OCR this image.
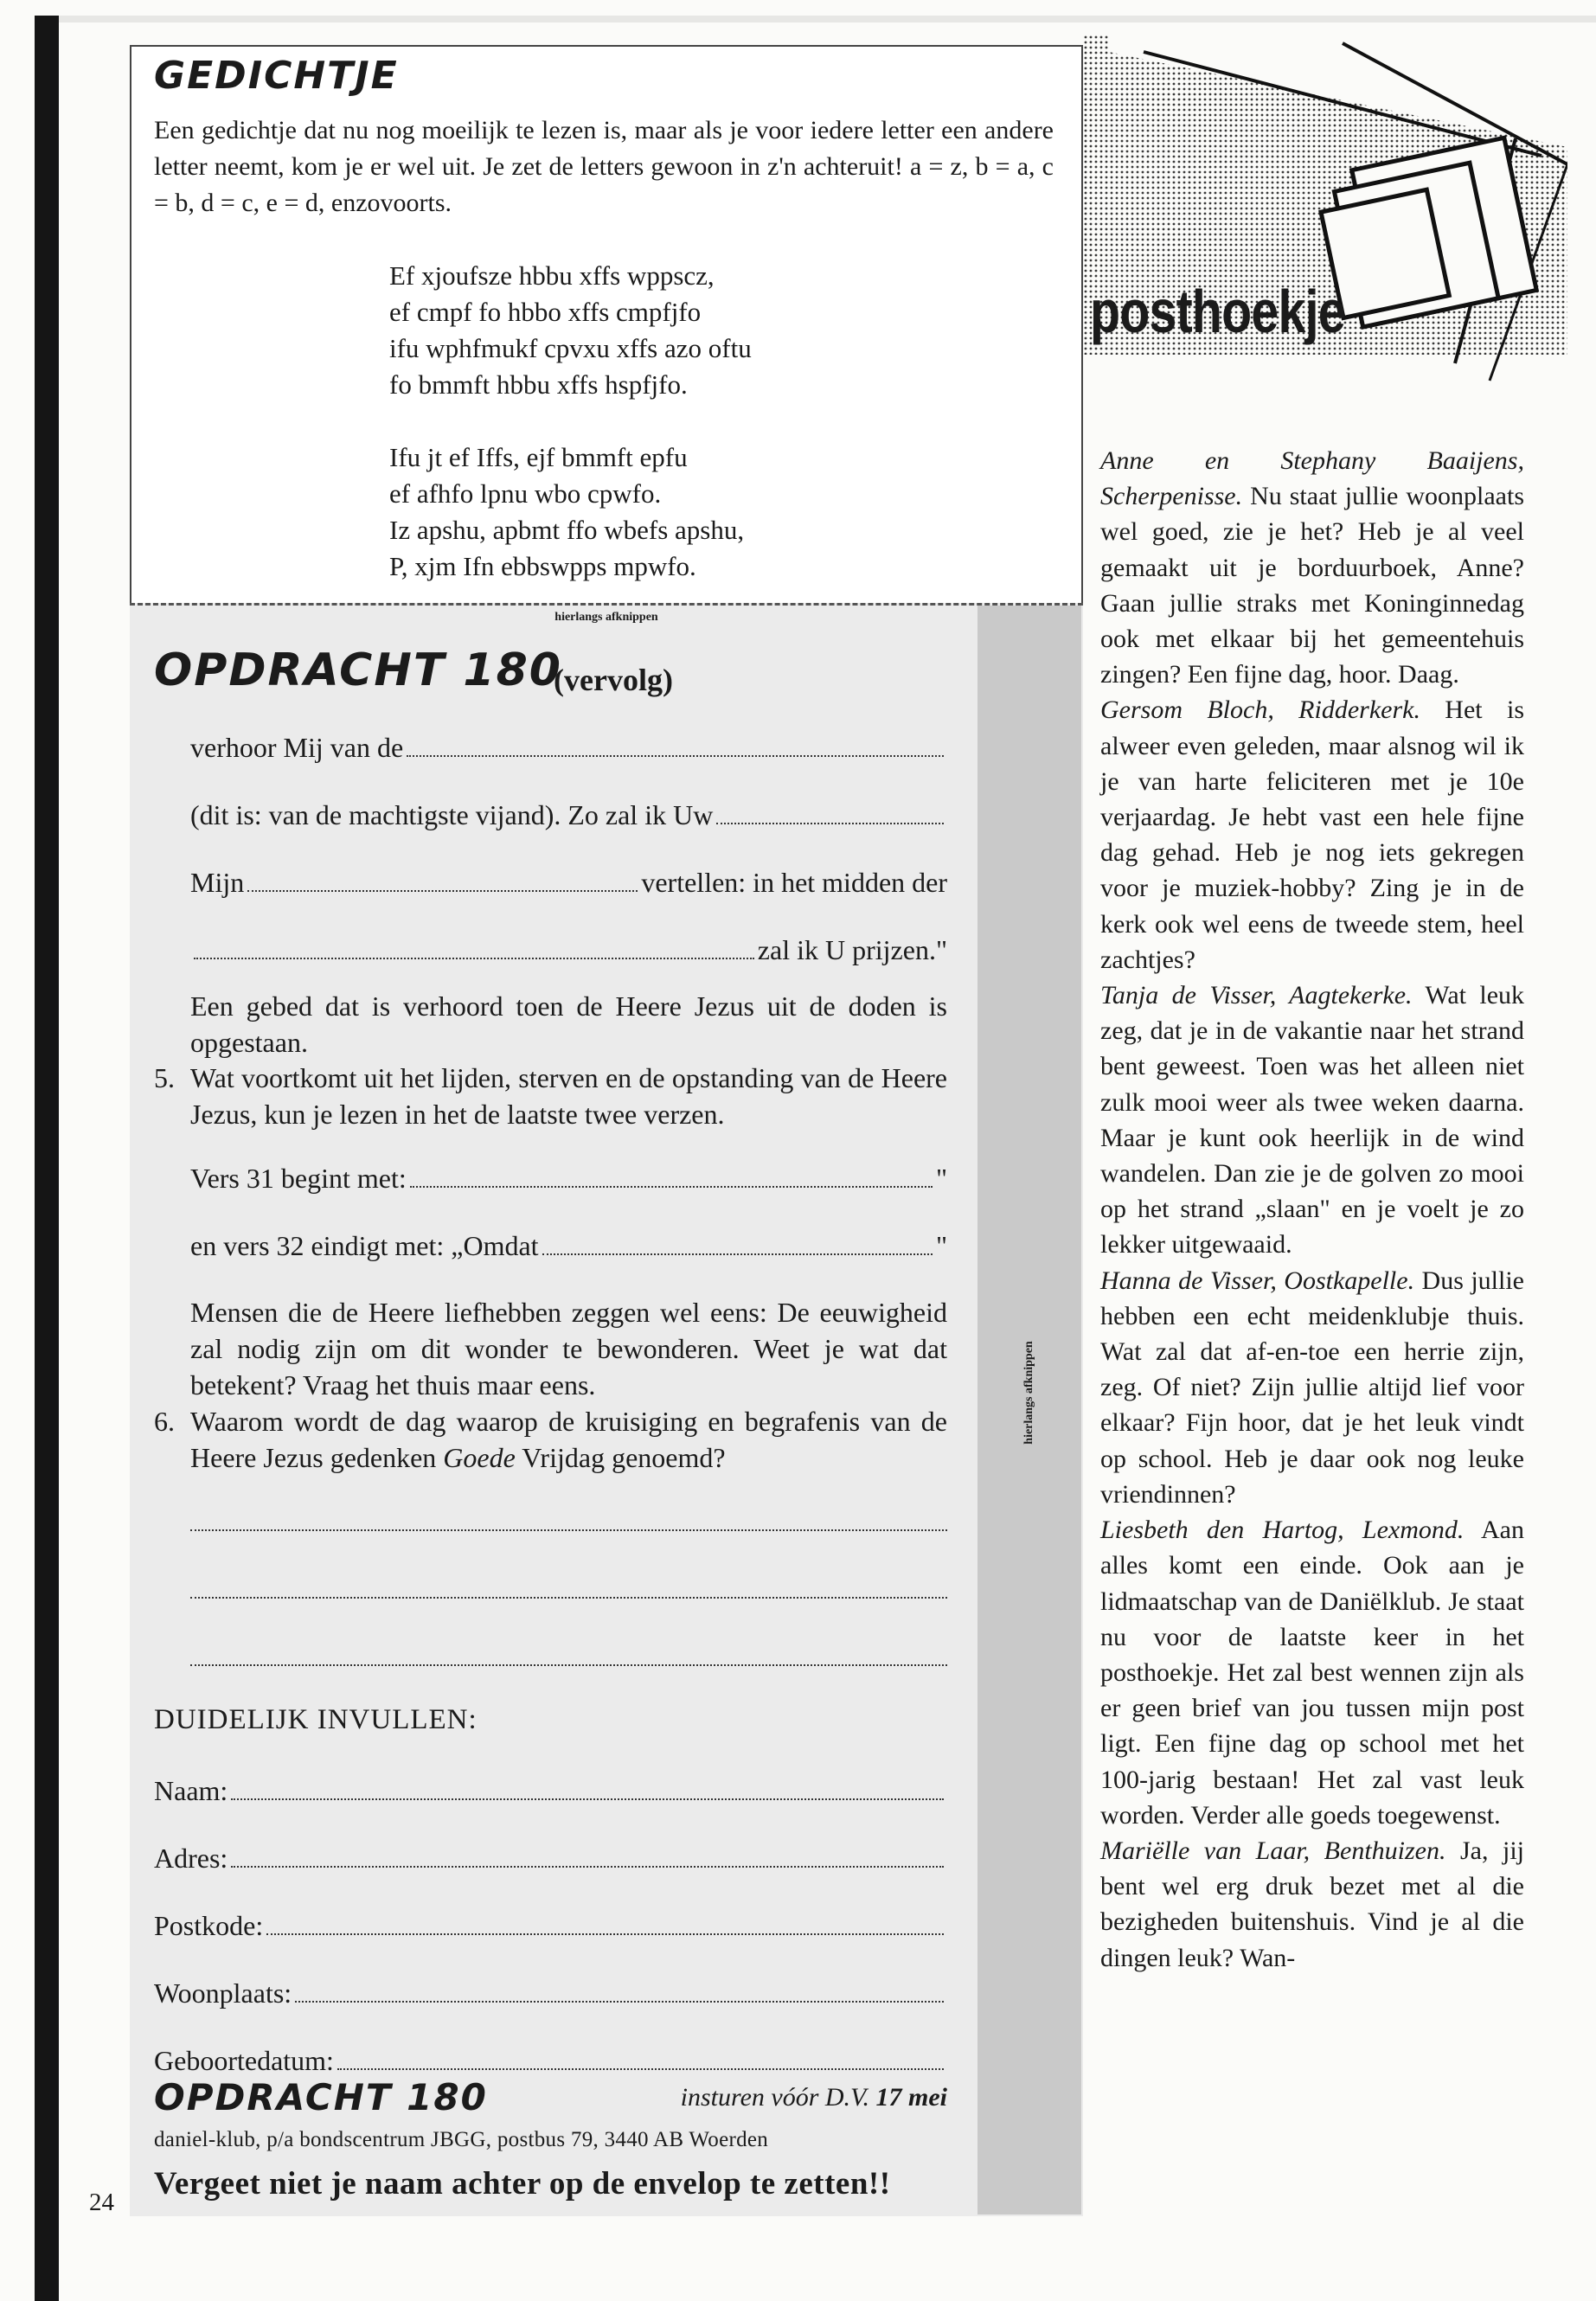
24
GEDICHTJE
Een gedichtje dat nu nog moeilijk te lezen is, maar als je voor iedere letter een andere letter neemt, kom je er wel uit. Je zet de letters gewoon in z'n achteruit! a = z, b = a, c = b, d = c, e = d, enzovoorts.
Ef xjoufsze hbbu xffs wppscz,
ef cmpf fo hbbo xffs cmpfjfo
ifu wphfmukf cpvxu xffs azo oftu
fo bmmft hbbu xffs hspfjfo.
Ifu jt ef Iffs, ejf bmmft epfu
ef afhfo lpnu wbo cpwfo.
Iz apshu, apbmt ffo wbefs apshu,
P, xjm Ifn ebbswpps mpwfo.
hierlangs afknippen
hierlangs afknippen
OPDRACHT 180
(vervolg)
verhoor Mij van de
(dit is: van de machtigste vijand). Zo zal ik Uw
Mijn	vertellen: in het midden der
zal ik U prijzen."
Een gebed dat is verhoord toen de Heere Jezus uit de doden is opgestaan.
5. Wat voortkomt uit het lijden, sterven en de opstanding van de Heere Jezus, kun je lezen in het de laatste twee verzen.
Vers 31 begint met:	"
en vers 32 eindigt met: „Omdat	"
Mensen die de Heere liefhebben zeggen wel eens: De eeuwigheid zal nodig zijn om dit wonder te bewonderen. Weet je wat dat betekent? Vraag het thuis maar eens.
6. Waarom wordt de dag waarop de kruisiging en begrafenis van de Heere Jezus gedenken Goede Vrijdag genoemd?
DUIDELIJK INVULLEN:
Naam:
Adres:
Postkode:
Woonplaats:
Geboortedatum:
OPDRACHT 180	insturen vóór D.V. 17 mei
daniel-klub, p/a bondscentrum JBGG, postbus 79, 3440 AB Woerden
Vergeet niet je naam achter op de envelop te zetten!!
posthoekje

Anne en Stephany Baaijens, Scherpenisse. Nu staat jullie woonplaats wel goed, zie je het? Heb je al veel gemaakt uit je borduurboek, Anne? Gaan jullie straks met Koninginnedag ook met elkaar bij het gemeentehuis zingen? Een fijne dag, hoor. Daag.

Gersom Bloch, Ridderkerk. Het is alweer even geleden, maar alsnog wil ik je van harte feliciteren met je 10e verjaardag. Je hebt vast een hele fijne dag gehad. Heb je nog iets gekregen voor je muziek-hobby? Zing je in de kerk ook wel eens de tweede stem, heel zachtjes?

Tanja de Visser, Aagtekerke. Wat leuk zeg, dat je in de vakantie naar het strand bent geweest. Toen was het alleen niet zulk mooi weer als twee weken daarna. Maar je kunt ook heerlijk in de wind wandelen. Dan zie je de golven zo mooi op het strand „slaan" en je voelt je zo lekker uitgewaaid.

Hanna de Visser, Oostkapelle. Dus jullie hebben een echt meidenklubje thuis. Wat zal dat af-en-toe een herrie zijn, zeg. Of niet? Zijn jullie altijd lief voor elkaar? Fijn hoor, dat je het leuk vindt op school. Heb je daar ook nog leuke vriendinnen?

Liesbeth den Hartog, Lexmond. Aan alles komt een einde. Ook aan je lidmaatschap van de Daniëlklub. Je staat nu voor de laatste keer in het posthoekje. Het zal best wennen zijn als er geen brief van jou tussen mijn post ligt. Een fijne dag op school met het 100-jarig bestaan! Het zal vast leuk worden. Verder alle goeds toegewenst.

Mariëlle van Laar, Benthuizen. Ja, jij bent wel erg druk bezet met al die bezigheden buitenshuis. Vind je al die dingen leuk? Wan-
